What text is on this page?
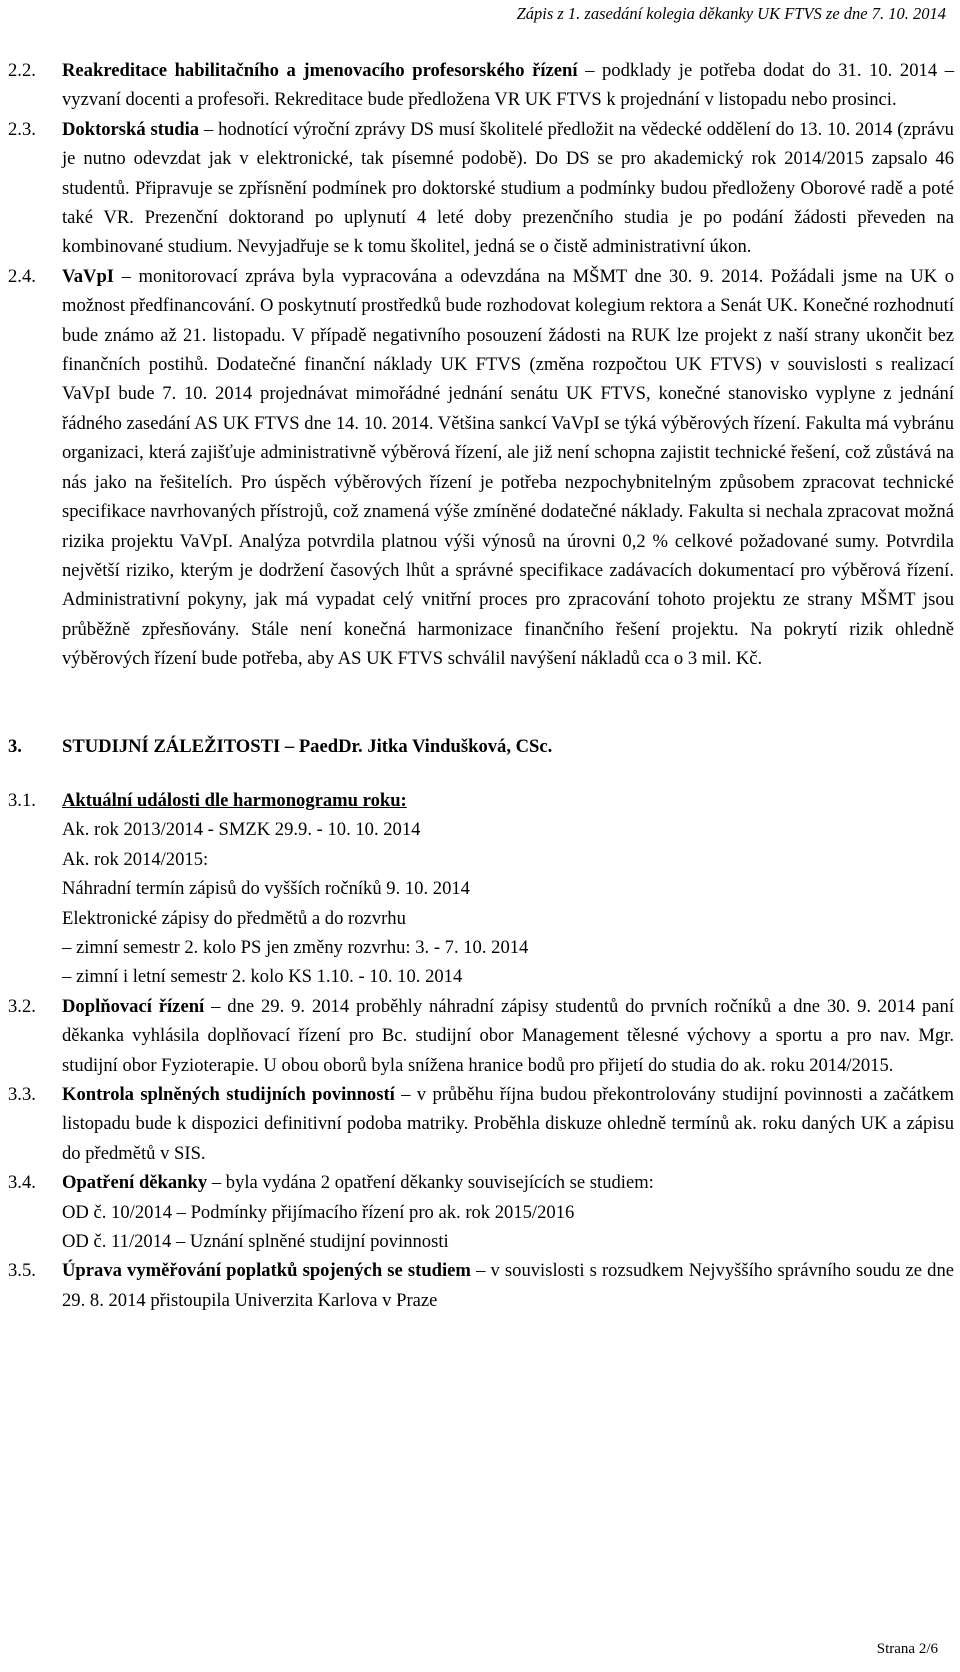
Zápis z 1. zasedání kolegia děkanky UK FTVS ze dne 7. 10. 2014
2.2.	Reakreditace habilitačního a jmenovacího profesorského řízení – podklady je potřeba dodat do 31. 10. 2014 – vyzvaní docenti a profesoři. Rekreditace bude předložena VR UK FTVS k projednání v listopadu nebo prosinci.
2.3.	Doktorská studia – hodnotící výroční zprávy DS musí školitelé předložit na vědecké oddělení do 13. 10. 2014 (zprávu je nutno odevzdat jak v elektronické, tak písemné podobě). Do DS se pro akademický rok 2014/2015 zapsalo 46 studentů. Připravuje se zpřísnění podmínek pro doktorské studium a podmínky budou předloženy Oborové radě a poté také VR. Prezenční doktorand po uplynutí 4 leté doby prezenčního studia je po podání žádosti převeden na kombinované studium. Nevyjadřuje se k tomu školitel, jedná se o čistě administrativní úkon.
2.4.	VaVpI – monitorovací zpráva byla vypracována a odevzdána na MŠMT dne 30. 9. 2014. Požádali jsme na UK o možnost předfinancování. O poskytnutí prostředků bude rozhodovat kolegium rektora a Senát UK. Konečné rozhodnutí bude známo až 21. listopadu. V případě negativního posouzení žádosti na RUK lze projekt z naší strany ukončit bez finančních postihů. Dodatečné finanční náklady UK FTVS (změna rozpočtou UK FTVS) v souvislosti s realizací VaVpI bude 7. 10. 2014 projednávat mimořádné jednání senátu UK FTVS, konečné stanovisko vyplyne z jednání řádného zasedání AS UK FTVS dne 14. 10. 2014. Většina sankcí VaVpI se týká výběrových řízení. Fakulta má vybránu organizaci, která zajišťuje administrativně výběrová řízení, ale již není schopna zajistit technické řešení, což zůstává na nás jako na řešitelích. Pro úspěch výběrových řízení je potřeba nezpochybnitelným způsobem zpracovat technické specifikace navrhovaných přístrojů, což znamená výše zmíněné dodatečné náklady. Fakulta si nechala zpracovat možná rizika projektu VaVpI. Analýza potvrdila platnou výši výnosů na úrovni 0,2 % celkové požadované sumy. Potvrdila největší riziko, kterým je dodržení časových lhůt a správné specifikace zadávacích dokumentací pro výběrová řízení. Administrativní pokyny, jak má vypadat celý vnitřní proces pro zpracování tohoto projektu ze strany MŠMT jsou průběžně zpřesňovány. Stále není konečná harmonizace finančního řešení projektu. Na pokrytí rizik ohledně výběrových řízení bude potřeba, aby AS UK FTVS schválil navýšení nákladů cca o 3 mil. Kč.
3.	STUDIJNÍ ZÁLEŽITOSTI – PaedDr. Jitka Vindušková, CSc.
3.1.	Aktuální události dle harmonogramu roku:
Ak. rok 2013/2014 - SMZK 29.9. - 10. 10. 2014
Ak. rok 2014/2015:
Náhradní termín zápisů do vyšších ročníků 9. 10. 2014
Elektronické zápisy do předmětů a do rozvrhu
– zimní semestr 2. kolo PS jen změny rozvrhu: 3. - 7. 10. 2014
– zimní i letní semestr 2. kolo KS 1.10. - 10. 10. 2014
3.2.	Doplňovací řízení – dne 29. 9. 2014 proběhly náhradní zápisy studentů do prvních ročníků a dne 30. 9. 2014 paní děkanka vyhlásila doplňovací řízení pro Bc. studijní obor Management tělesné výchovy a sportu a pro nav. Mgr. studijní obor Fyzioterapie. U obou oborů byla snížena hranice bodů pro přijetí do studia do ak. roku 2014/2015.
3.3.	Kontrola splněných studijních povinností – v průběhu října budou překontrolovány studijní povinnosti a začátkem listopadu bude k dispozici definitivní podoba matriky. Proběhla diskuze ohledně termínů ak. roku daných UK a zápisu do předmětů v SIS.
3.4.	Opatření děkanky – byla vydána 2 opatření děkanky souvisejících se studiem:
OD č. 10/2014 – Podmínky přijímacího řízení pro ak. rok 2015/2016
OD č. 11/2014 – Uznání splněné studijní povinnosti
3.5.	Úprava vyměřování poplatků spojených se studiem – v souvislosti s rozsudkem Nejvyššího správního soudu ze dne 29. 8. 2014 přistoupila Univerzita Karlova v Praze
Strana 2/6
